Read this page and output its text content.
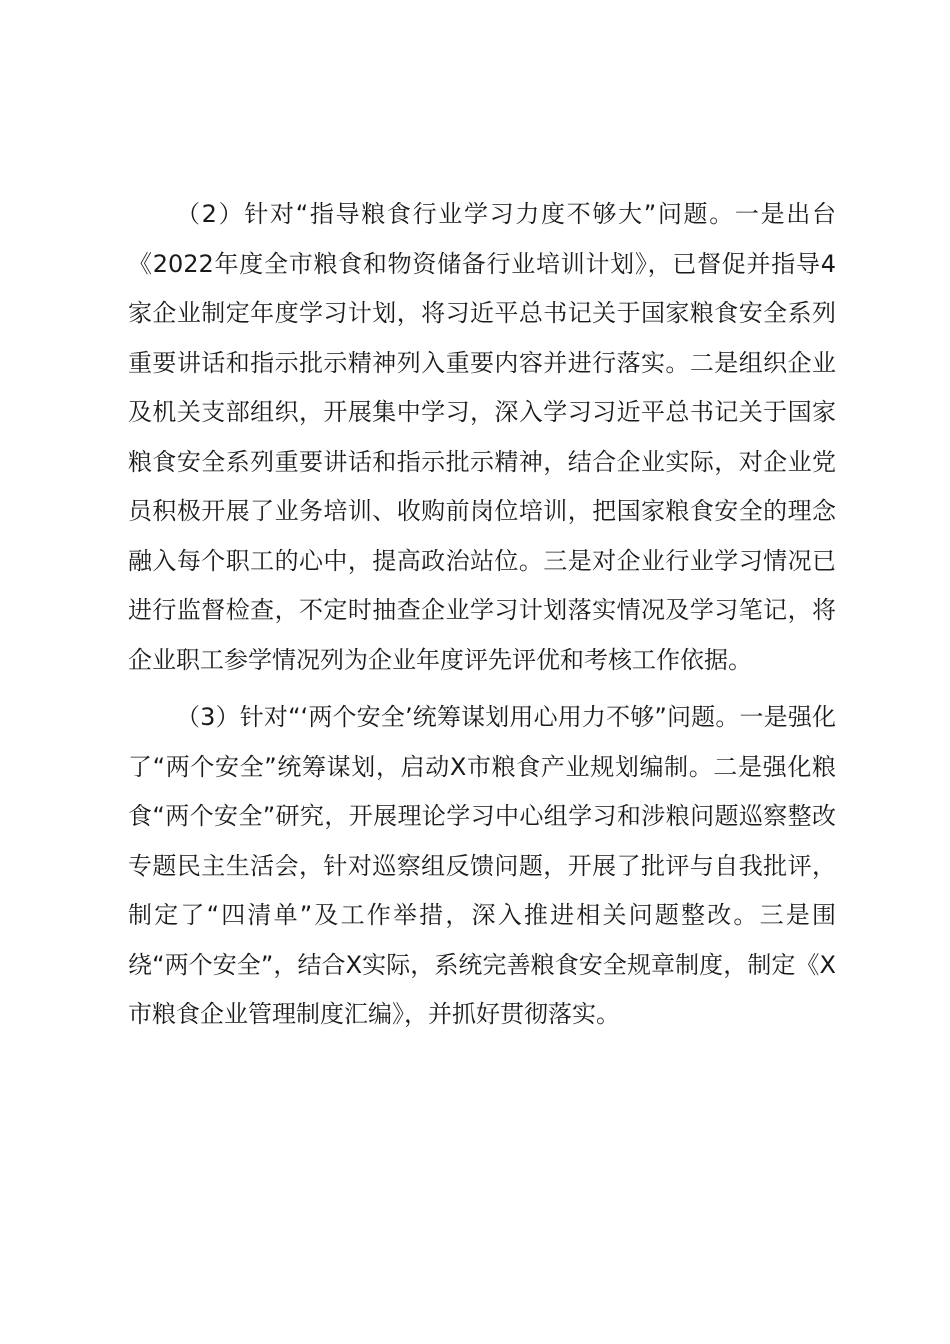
（2）针对“指导粮食行业学习力度不够大”问题。一是出台《2022年度全市粮食和物资储备行业培训计划》，已督促并指导4家企业制定年度学习计划，将习近平总书记关于国家粮食安全系列重要讲话和指示批示精神列入重要内容并进行落实。二是组织企业及机关支部组织，开展集中学习，深入学习习近平总书记关于国家粮食安全系列重要讲话和指示批示精神，结合企业实际，对企业党员积极开展了业务培训、收购前岗位培训，把国家粮食安全的理念融入每个职工的心中，提高政治站位。三是对企业行业学习情况已进行监督检查，不定时抽查企业学习计划落实情况及学习笔记，将企业职工参学情况列为企业年度评先评优和考核工作依据。

（3）针对“‘两个安全’统筹谋划用心用力不够”问题。一是强化了“两个安全”统筹谋划，启动X市粮食产业规划编制。二是强化粮食“两个安全”研究，开展理论学习中心组学习和涉粮问题巡察整改专题民主生活会，针对巡察组反馈问题，开展了批评与自我批评，制定了“四清单”及工作举措，深入推进相关问题整改。三是围绕“两个安全”，结合X实际，系统完善粮食安全规章制度，制定《X市粮食企业管理制度汇编》，并抓好贯彻落实。
